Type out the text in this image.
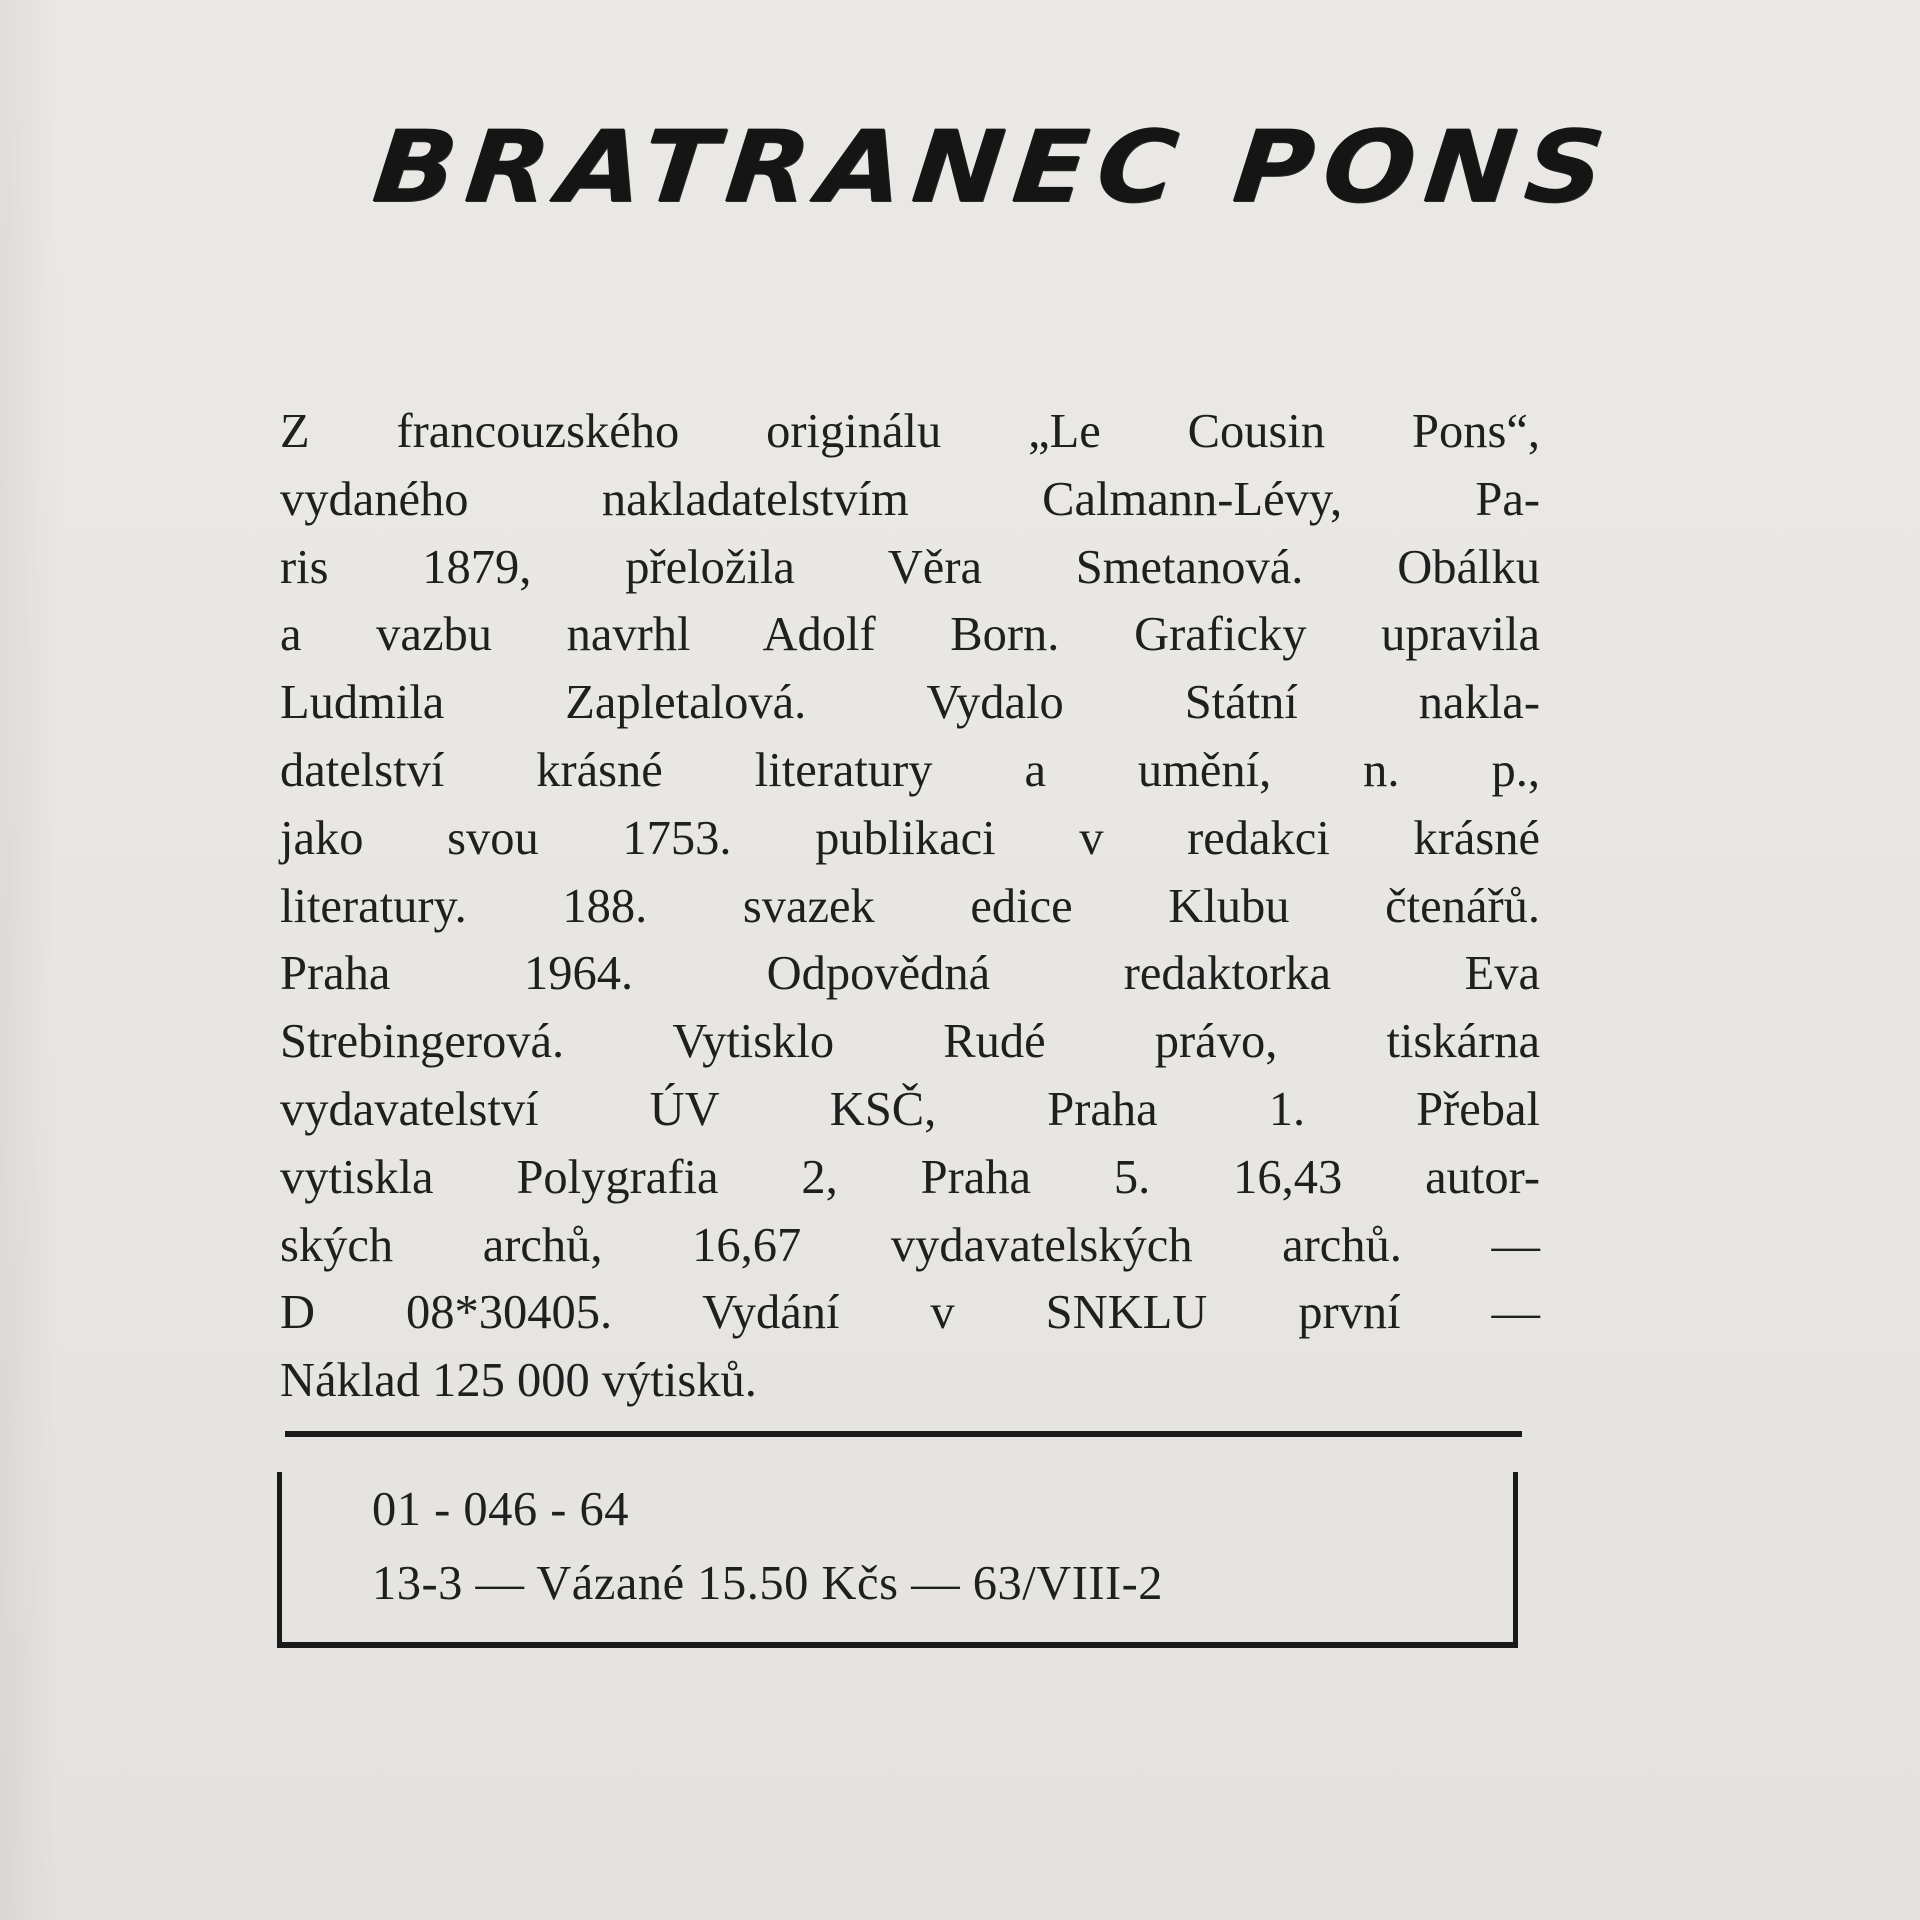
BRATRANEC PONS
Z francouzského originálu „Le Cousin Pons“,
vydaného nakladatelstvím Calmann-Lévy, Pa-
ris 1879, přeložila Věra Smetanová. Obálku
a vazbu navrhl Adolf Born. Graficky upravila
Ludmila Zapletalová. Vydalo Státní nakla-
datelství krásné literatury a umění, n. p.,
jako svou 1753. publikaci v redakci krásné
literatury. 188. svazek edice Klubu čtenářů.
Praha 1964. Odpovědná redaktorka Eva
Strebingerová. Vytisklo Rudé právo, tiskárna
vydavatelství ÚV KSČ, Praha 1. Přebal
vytiskla Polygrafia 2, Praha 5. 16,43 autor-
ských archů, 16,67 vydavatelských archů. —
D 08*30405. Vydání v SNKLU první —
Náklad 125 000 výtisků.
01 - 046 - 64
13-3 — Vázané 15.50 Kčs — 63/VIII-2
